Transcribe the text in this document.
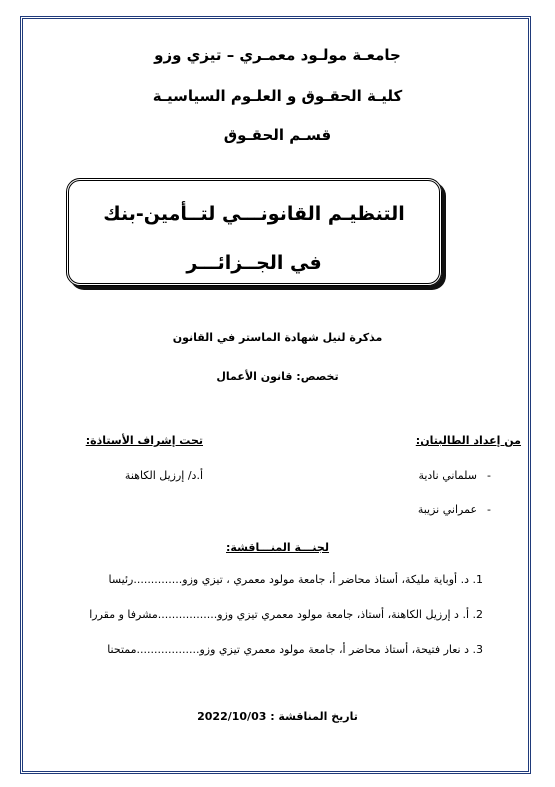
جامعـة مولـود معمـري – تيزي وزو
كليـة الحقـوق و العلـوم السياسيـة
قسـم الحقـوق
التنظيـم القانونـــي لتــأمين-بنك
في الجــزائـــر
مذكرة لنيل شهادة الماستر في القانون
تخصص: قانون الأعمال
من إعداد الطالبتان:
تحت إشراف الأستاذة:
-سلماني نادية
-عمراني نزيبة
أ.د/ إرزيل الكاهنة
لجنـــة المنـــاقشة:
1. د. أوباية مليكة، أستاذ محاضر أ، جامعة مولود معمري ، تيزي وزو..............رئيسا
2. أ. د إرزيل الكاهنة، أستاذ، جامعة مولود معمري تيزي وزو.................مشرفا و مقررا
3. د نعار فتيحة، أستاذ محاضر أ، جامعة مولود معمري تيزي وزو..................ممتحنا
تاريخ المناقشة : 2022/10/03
